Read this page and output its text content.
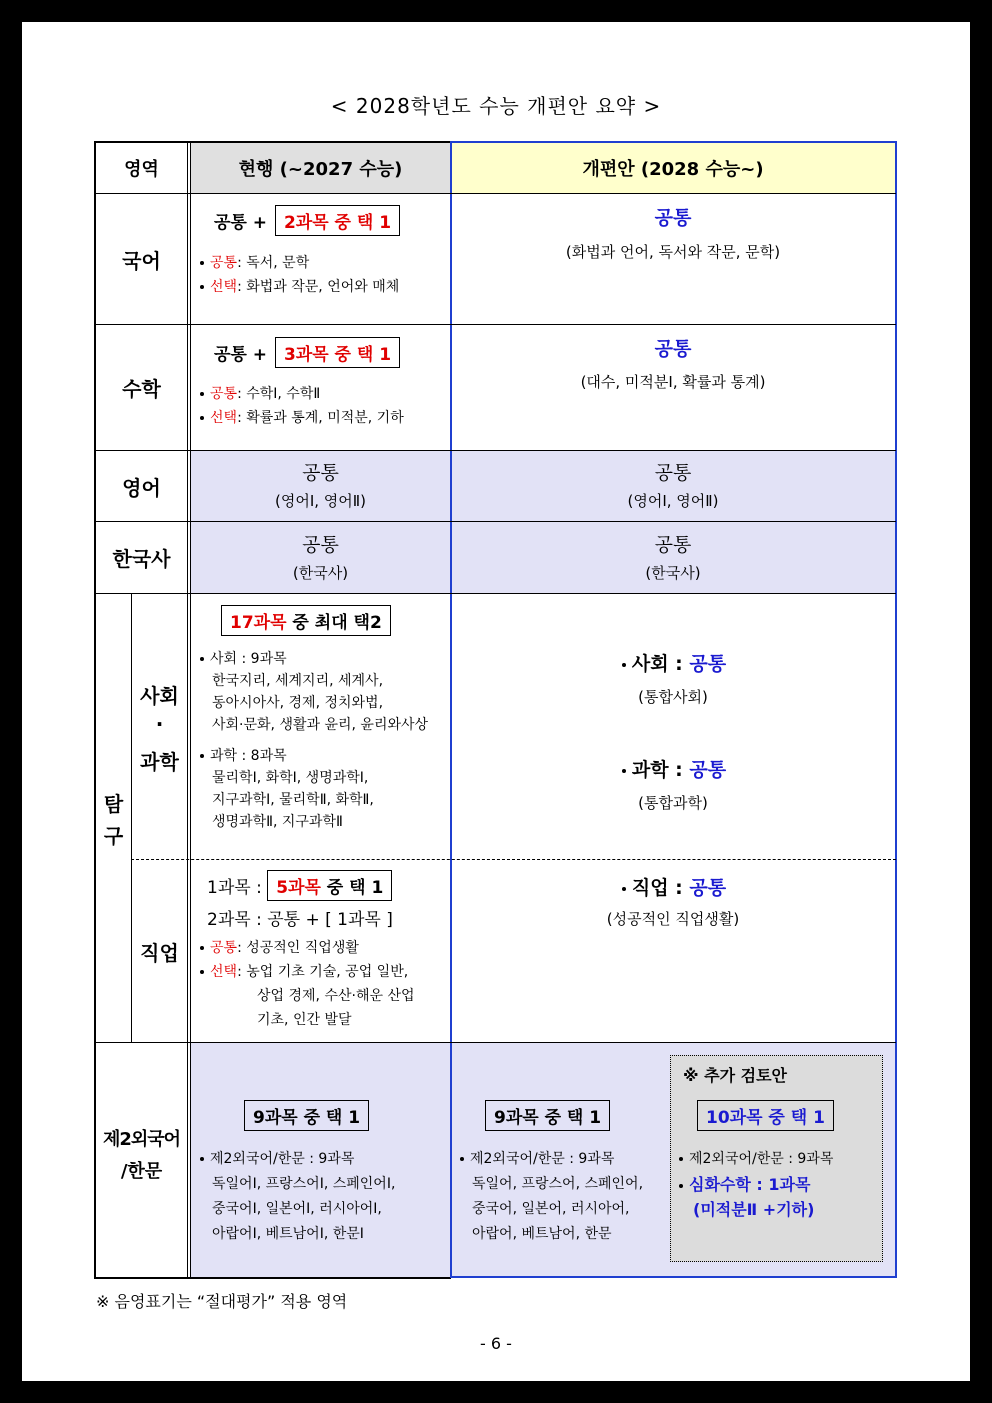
< 2028학년도 수능 개편안 요약 >
영역	현행 (~2027 수능)	개편안 (2028 수능~)
국어
공통 + 2과목 중 택 1
공통: 독서, 문학
선택: 화법과 작문, 언어와 매체
공통
(화법과 언어, 독서와 작문, 문학)
수학
공통 + 3과목 중 택 1
공통: 수학Ⅰ, 수학Ⅱ
선택: 확률과 통계, 미적분, 기하
공통
(대수, 미적분Ⅰ, 확률과 통계)
영어
공통
(영어Ⅰ, 영어Ⅱ)
공통
(영어Ⅰ, 영어Ⅱ)
한국사
공통
(한국사)
공통
(한국사)
탐
구
사회
·
과학
17과목 중 최대 택2
사회 : 9과목
한국지리, 세계지리, 세계사,
동아시아사, 경제, 정치와법,
사회·문화, 생활과 윤리, 윤리와사상
과학 : 8과목
물리학Ⅰ, 화학Ⅰ, 생명과학Ⅰ,
지구과학Ⅰ, 물리학Ⅱ, 화학Ⅱ,
생명과학Ⅱ, 지구과학Ⅱ
사회 : 공통
(통합사회)
과학 : 공통
(통합과학)
직업
1과목 : 5과목 중 택 1
2과목 : 공통 + [ 1과목 ]
공통: 성공적인 직업생활
선택: 농업 기초 기술, 공업 일반,
상업 경제, 수산·해운 산업
기초, 인간 발달
직업 : 공통
(성공적인 직업생활)
제2외국어
/한문
9과목 중 택 1
제2외국어/한문 : 9과목
독일어Ⅰ, 프랑스어Ⅰ, 스페인어Ⅰ,
중국어Ⅰ, 일본어Ⅰ, 러시아어Ⅰ,
아랍어Ⅰ, 베트남어Ⅰ, 한문Ⅰ
9과목 중 택 1
제2외국어/한문 : 9과목
독일어, 프랑스어, 스페인어,
중국어, 일본어, 러시아어,
아랍어, 베트남어, 한문
※ 추가 검토안
10과목 중 택 1
제2외국어/한문 : 9과목
심화수학 : 1과목
(미적분Ⅱ +기하)
※ 음영표기는 “절대평가” 적용 영역
- 6 -
